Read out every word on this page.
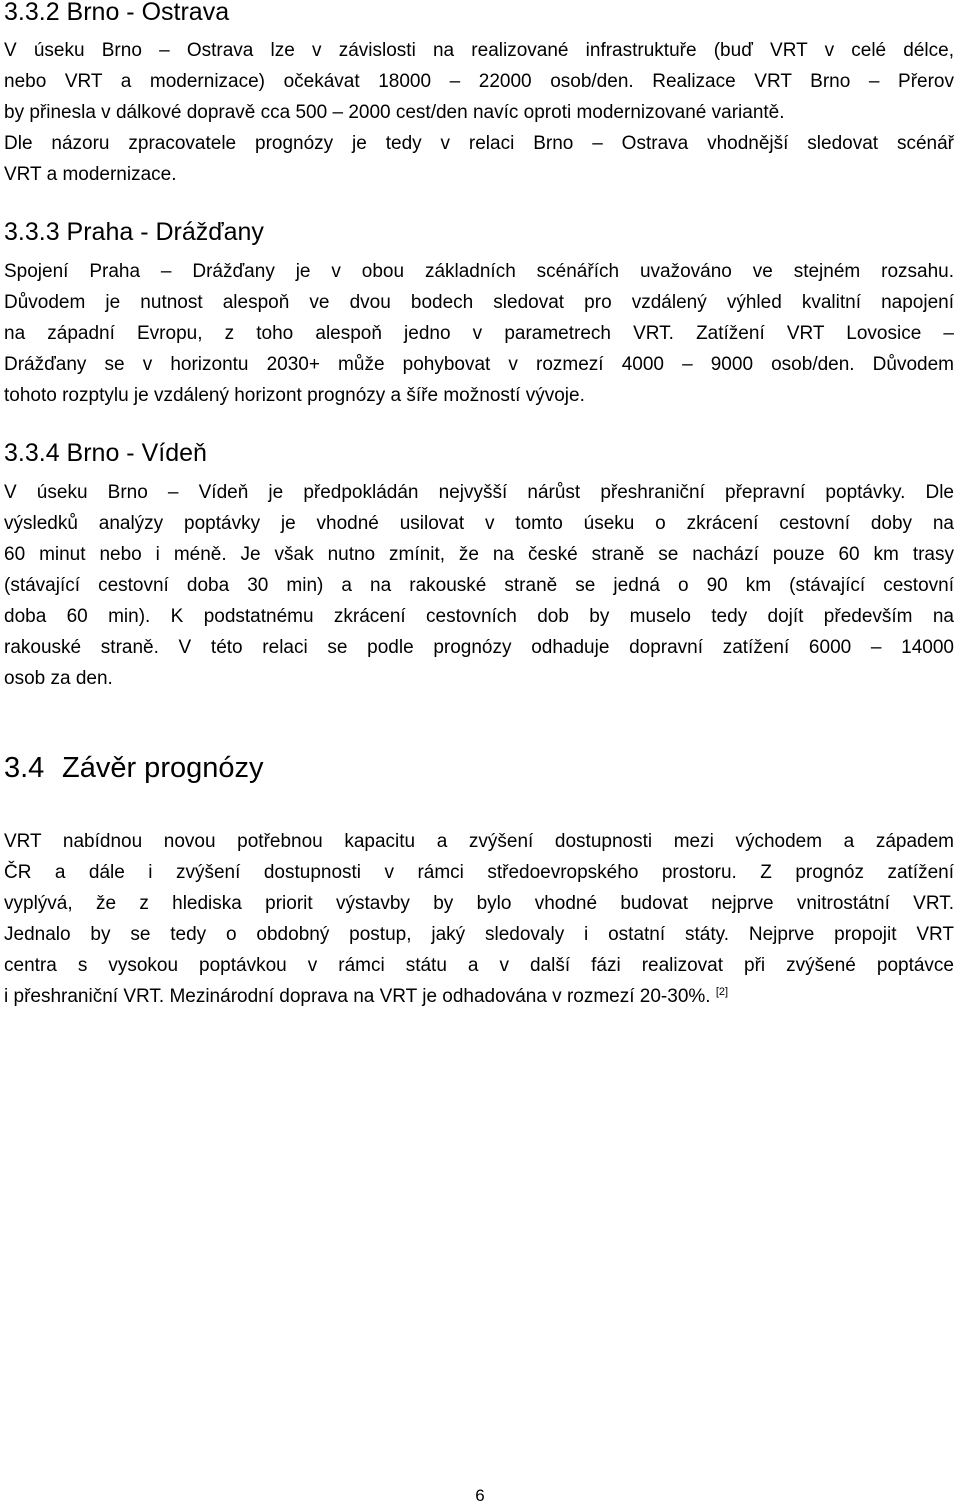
3.3.2 Brno - Ostrava
V úseku Brno – Ostrava lze v závislosti na realizované infrastruktuře (buď VRT v celé délce,
nebo VRT a modernizace) očekávat 18000 – 22000 osob/den. Realizace VRT Brno – Přerov
by přinesla v dálkové dopravě cca 500 – 2000 cest/den navíc oproti modernizované variantě.
Dle názoru zpracovatele prognózy je tedy v relaci Brno – Ostrava vhodnější sledovat scénář
VRT a modernizace.
3.3.3 Praha - Drážďany
Spojení Praha – Drážďany je v obou základních scénářích uvažováno ve stejném rozsahu.
Důvodem je nutnost alespoň ve dvou bodech sledovat pro vzdálený výhled kvalitní napojení
na západní Evropu, z toho alespoň jedno v parametrech VRT. Zatížení VRT Lovosice –
Drážďany se v horizontu 2030+ může pohybovat v rozmezí 4000 – 9000 osob/den. Důvodem
tohoto rozptylu je vzdálený horizont prognózy a šíře možností vývoje.
3.3.4 Brno - Vídeň
V úseku Brno – Vídeň je předpokládán nejvyšší nárůst přeshraniční přepravní poptávky. Dle
výsledků analýzy poptávky je vhodné usilovat v tomto úseku o zkrácení cestovní doby na
60 minut nebo i méně. Je však nutno zmínit, že na české straně se nachází pouze 60 km trasy
(stávající cestovní doba 30 min) a na rakouské straně se jedná o 90 km (stávající cestovní
doba 60 min). K podstatnému zkrácení cestovních dob by muselo tedy dojít především na
rakouské straně. V této relaci se podle prognózy odhaduje dopravní zatížení 6000 – 14000
osob za den.
3.4 Závěr prognózy
VRT nabídnou novou potřebnou kapacitu a zvýšení dostupnosti mezi východem a západem
ČR a dále i zvýšení dostupnosti v rámci středoevropského prostoru. Z prognóz zatížení
vyplývá, že z hlediska priorit výstavby by bylo vhodné budovat nejprve vnitrostátní VRT.
Jednalo by se tedy o obdobný postup, jaký sledovaly i ostatní státy. Nejprve propojit VRT
centra s vysokou poptávkou v rámci státu a v další fázi realizovat při zvýšené poptávce
i přeshraniční VRT. Mezinárodní doprava na VRT je odhadována v rozmezí 20-30%. [2]
6
